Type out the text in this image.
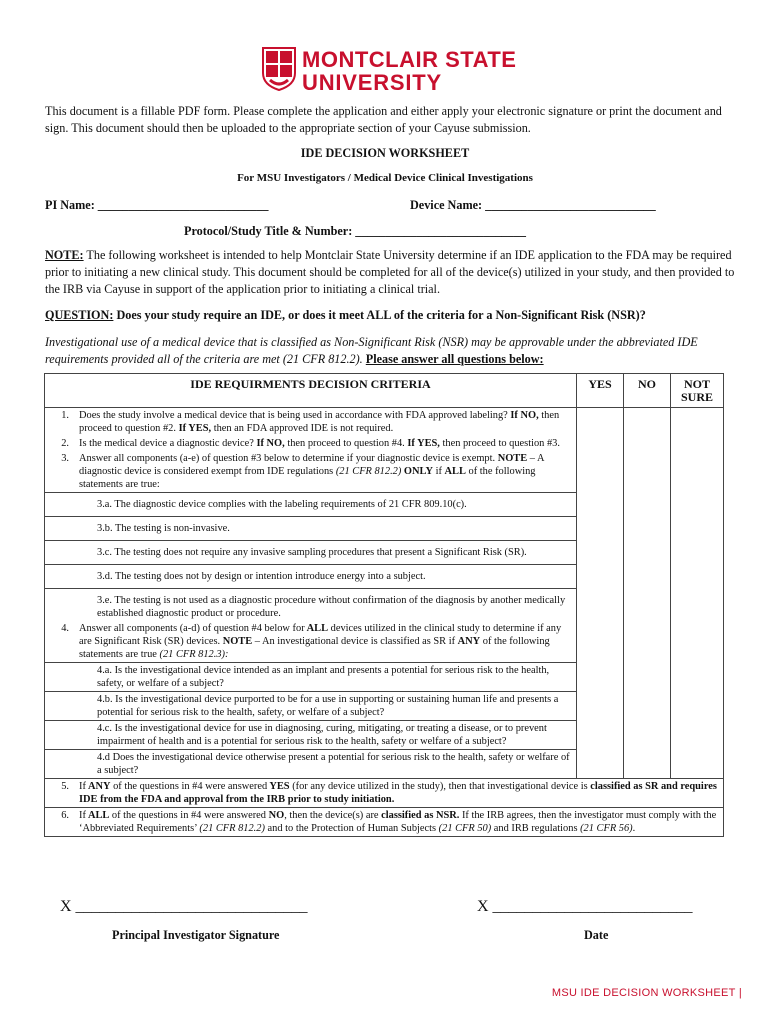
MONTCLAIR STATE
UNIVERSITY
This document is a fillable PDF form. Please complete the application and either apply your electronic signature or print the document and sign. This document should then be uploaded to the appropriate section of your Cayuse submission.
IDE DECISION WORKSHEET
For MSU Investigators / Medical Device Clinical Investigations
PI Name: ____________________________	Device Name: ____________________________
Protocol/Study Title & Number: ____________________________
NOTE: The following worksheet is intended to help Montclair State University determine if an IDE application to the FDA may be required prior to initiating a new clinical study. This document should be completed for all of the device(s) utilized in your study, and then provided to the IRB via Cayuse in support of the application prior to initiating a clinical trial.
QUESTION: Does your study require an IDE, or does it meet ALL of the criteria for a Non-Significant Risk (NSR)?
Investigational use of a medical device that is classified as Non-Significant Risk (NSR) may be approvable under the abbreviated IDE requirements provided all of the criteria are met (21 CFR 812.2). Please answer all questions below:
IDE REQUIRMENTS DECISION CRITERIA	YES	NO	NOT SURE

1. Does the study involve a medical device that is being used in accordance with FDA approved labeling? If NO, then proceed to question #2. If YES, then an FDA approved IDE is not required.			

2. Is the medical device a diagnostic device? If NO, then proceed to question #4. If YES, then proceed to question #3.			

3. Answer all components (a-e) of question #3 below to determine if your diagnostic device is exempt. NOTE – A diagnostic device is considered exempt from IDE regulations (21 CFR 812.2) ONLY if ALL of the following statements are true:			

3.a. The diagnostic device complies with the labeling requirements of 21 CFR 809.10(c).			
3.b. The testing is non-invasive.			
3.c. The testing does not require any invasive sampling procedures that present a Significant Risk (SR).			
3.d. The testing does not by design or intention introduce energy into a subject.			
3.e. The testing is not used as a diagnostic procedure without confirmation of the diagnosis by another medically established diagnostic product or procedure.			

4. Answer all components (a-d) of question #4 below for ALL devices utilized in the clinical study to determine if any are Significant Risk (SR) devices. NOTE – An investigational device is classified as SR if ANY of the following statements are true (21 CFR 812.3):			

4.a. Is the investigational device intended as an implant and presents a potential for serious risk to the health, safety, or welfare of a subject?			
4.b. Is the investigational device purported to be for a use in supporting or sustaining human life and presents a potential for serious risk to the health, safety, or welfare of a subject?			
4.c. Is the investigational device for use in diagnosing, curing, mitigating, or treating a disease, or to prevent impairment of health and is a potential for serious risk to the health, safety or welfare of a subject?			
4.d Does the investigational device otherwise present a potential for serious risk to the health, safety or welfare of a subject?			

5. If ANY of the questions in #4 were answered YES (for any device utilized in the study), then that investigational device is classified as SR and requires IDE from the FDA and approval from the IRB prior to study initiation.			

6. If ALL of the questions in #4 were answered NO, then the device(s) are classified as NSR. If the IRB agrees, then the investigator must comply with the ‘Abbreviated Requirements’ (21 CFR 812.2) and to the Protection of Human Subjects (21 CFR 50) and IRB regulations (21 CFR 56).			
X _____________________________	X _________________________
Principal Investigator Signature	Date
MSU IDE DECISION WORKSHEET |
